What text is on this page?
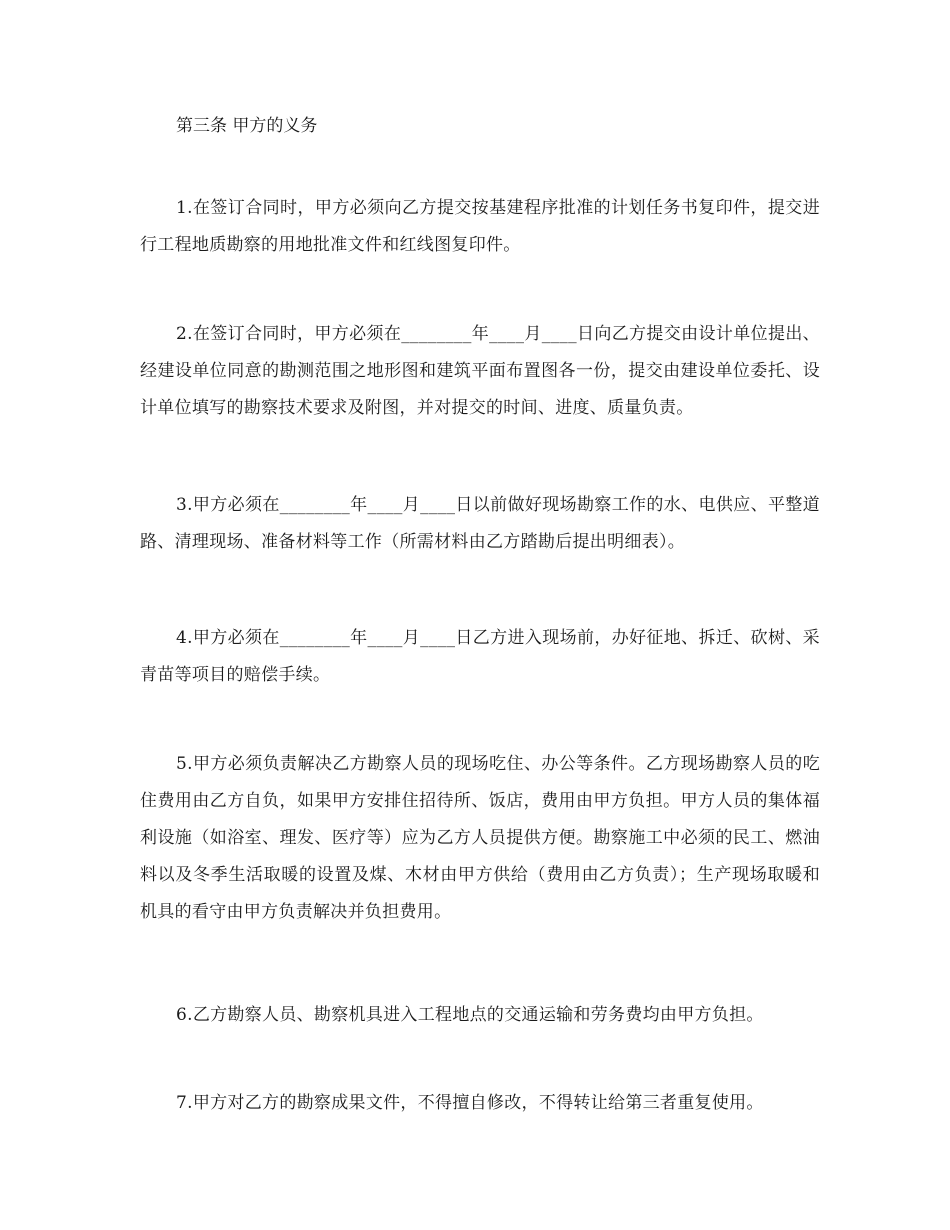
第三条 甲方的义务

1.在签订合同时，甲方必须向乙方提交按基建程序批准的计划任务书复印件，提交进行工程地质勘察的用地批准文件和红线图复印件。

2.在签订合同时，甲方必须在________年____月____日向乙方提交由设计单位提出、经建设单位同意的勘测范围之地形图和建筑平面布置图各一份，提交由建设单位委托、设计单位填写的勘察技术要求及附图，并对提交的时间、进度、质量负责。

3.甲方必须在________年____月____日以前做好现场勘察工作的水、电供应、平整道路、清理现场、准备材料等工作（所需材料由乙方踏勘后提出明细表）。

4.甲方必须在________年____月____日乙方进入现场前，办好征地、拆迁、砍树、采青苗等项目的赔偿手续。

5.甲方必须负责解决乙方勘察人员的现场吃住、办公等条件。乙方现场勘察人员的吃住费用由乙方自负，如果甲方安排住招待所、饭店，费用由甲方负担。甲方人员的集体福利设施（如浴室、理发、医疗等）应为乙方人员提供方便。勘察施工中必须的民工、燃油料以及冬季生活取暖的设置及煤、木材由甲方供给（费用由乙方负责）；生产现场取暖和机具的看守由甲方负责解决并负担费用。

6.乙方勘察人员、勘察机具进入工程地点的交通运输和劳务费均由甲方负担。

7.甲方对乙方的勘察成果文件，不得擅自修改，不得转让给第三者重复使用。
